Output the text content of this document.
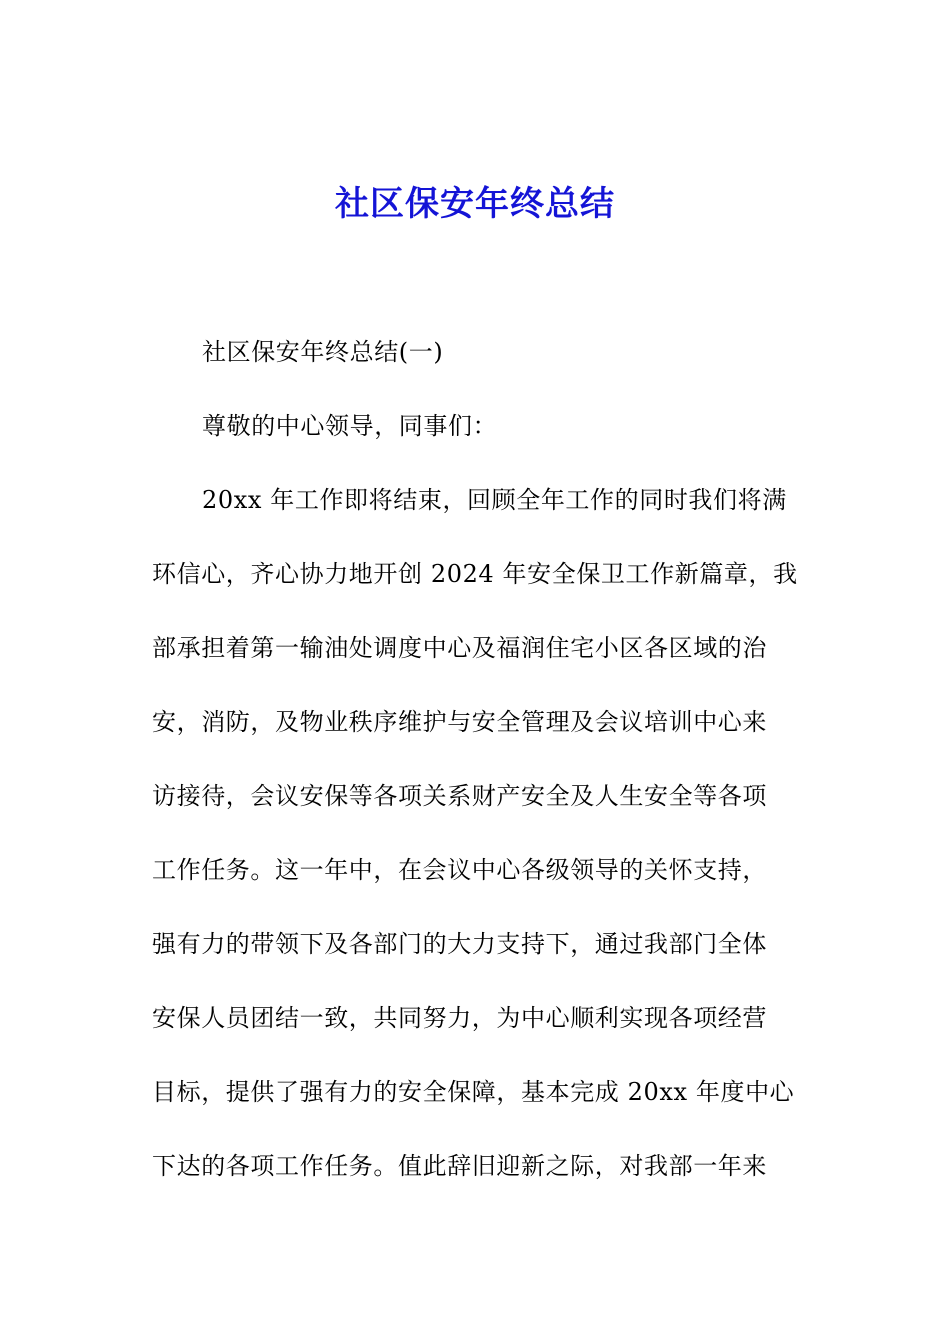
社区保安年终总结
社区保安年终总结(一)
尊敬的中心领导，同事们：
20xx 年工作即将结束，回顾全年工作的同时我们将满
环信心，齐心协力地开创 2024 年安全保卫工作新篇章，我
部承担着第一输油处调度中心及福润住宅小区各区域的治
安，消防，及物业秩序维护与安全管理及会议培训中心来
访接待，会议安保等各项关系财产安全及人生安全等各项
工作任务。这一年中，在会议中心各级领导的关怀支持，
强有力的带领下及各部门的大力支持下，通过我部门全体
安保人员团结一致，共同努力，为中心顺利实现各项经营
目标，提供了强有力的安全保障，基本完成 20xx 年度中心
下达的各项工作任务。值此辞旧迎新之际，对我部一年来
